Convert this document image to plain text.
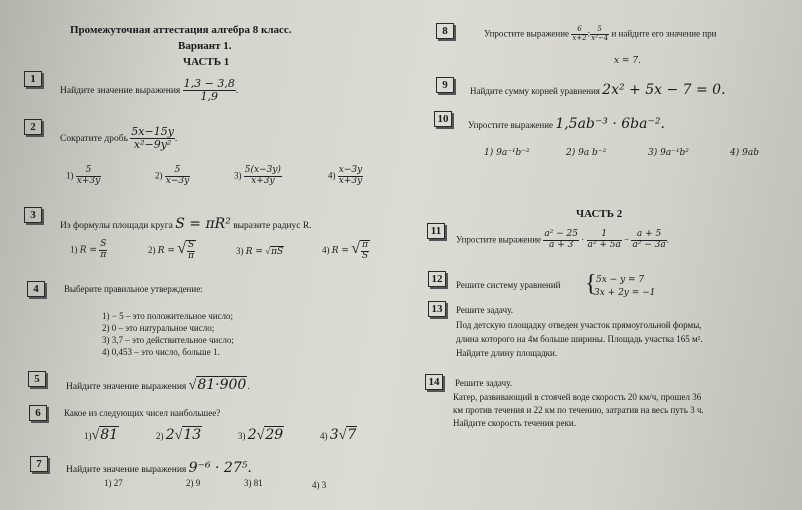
Промежуточная аттестация алгебра 8 класс.
Вариант 1.
ЧАСТЬ 1
1
Найдите значение выражения $\frac{1,3 - 3,8}{1,9}$ .
2
Сократите дробь $\frac{5x-15y}{\text{x²−9y²}}$ .
$1) \frac{5}{x+3y}$	$2) \frac{5}{x-3y}$	$3) \frac{5(x-3y)}{x+3y}$	$4) \frac{x-3y}{x+3y}$
3
Из формулы площади круга S = πR² выразите радиус R.
1) $R = \frac{S}{\pi}$	2) R = √ $\frac{S}{\pi}$	3) R = √πS	4) R = √ $\frac{\pi}{S}$
4	Выберите правильное утверждение:
1) − 5 – это положительное число;
2) 0 – это натуральное число;
3) 3,7 – это действительное число;
4) 0,453 – это число, больше 1.
5
Найдите значение выражения √81·900.
6	Какое из следующих чисел наибольшее?
1)√81	2) 2√13	3) 2√29	4) 3√7
7	Найдите значение выражения 9⁻⁶ · 27⁵.
1) 27	2) 9	3) 81	4) 3
8	Упростите выражение $\frac{6}{x+2}$ : $\frac{5}{\text{x²−4}}$ и найдите его значение при
x = 7.
9	Найдите сумму корней уравнения 2x² + 5x − 7 = 0.
10	Упростите выражение 1,5ab⁻³ · 6ba⁻².
1) 9a⁻¹b⁻²	2) 9a b⁻²	3) 9a⁻¹b²	4) 9ab
ЧАСТЬ 2
11
Упростите выражение $\frac{\text{a² − 25}}{a + 3} \cdot \frac{1}{\text{a² + 5a}} - \frac{a + 5}{\text{a² − 3a}}$ .
12	Решите систему уравнений { 5x − y = 7
3x + 2y = −1
13	Решите задачу.
Под детскую площадку отведен участок прямоугольной формы,
длина которого на 4м больше ширины. Площадь участка 165 м².
Найдите длину площадки.
14	Решите задачу.
Катер, развивающий в стоячей воде скорость 20 км/ч, прошел 36
км против течения и 22 км по течению, затратив на весь путь 3 ч.
Найдите скорость течения реки.
